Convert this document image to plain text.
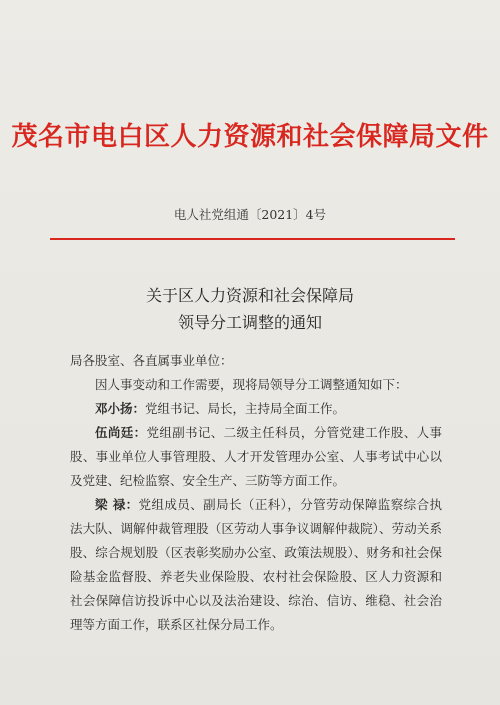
茂名市电白区人力资源和社会保障局文件
电人社党组通〔2021〕4号
关于区人力资源和社会保障局
领导分工调整的通知

局各股室、各直属事业单位：

因人事变动和工作需要，现将局领导分工调整通知如下：

邓小扬：党组书记、局长，主持局全面工作。

伍尚廷：党组副书记、二级主任科员，分管党建工作股、人事股、事业单位人事管理股、人才开发管理办公室、人事考试中心以及党建、纪检监察、安全生产、三防等方面工作。

梁 禄：党组成员、副局长（正科），分管劳动保障监察综合执法大队、调解仲裁管理股（区劳动人事争议调解仲裁院）、劳动关系股、综合规划股（区表彰奖励办公室、政策法规股）、财务和社会保险基金监督股、养老失业保险股、农村社会保险股、区人力资源和社会保障信访投诉中心以及法治建设、综治、信访、维稳、社会治理等方面工作，联系区社保分局工作。
